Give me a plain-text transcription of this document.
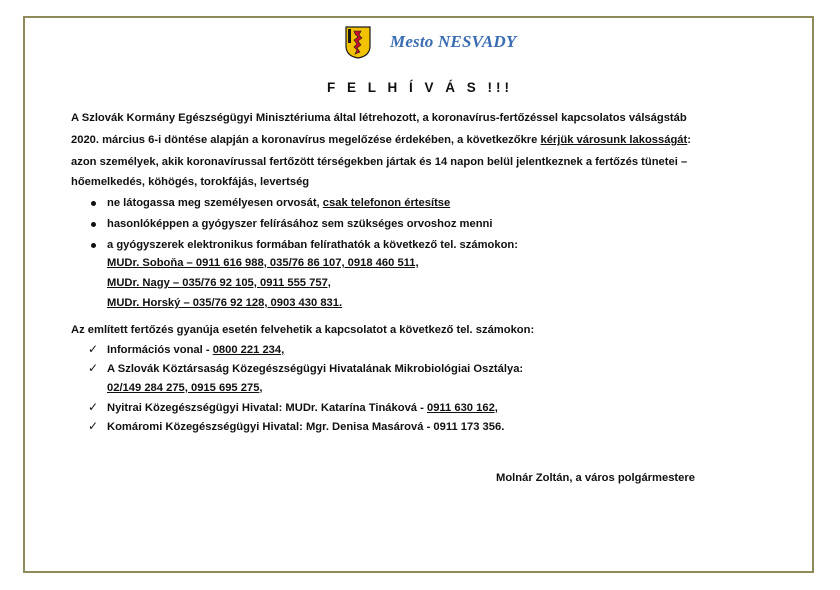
Mesto NESVADY
F E L H Í V Á S !!!
A Szlovák Kormány Egészségügyi Minisztériuma által létrehozott, a koronavírus-fertőzéssel kapcsolatos válságstáb
2020. március 6-i döntése alapján a koronavírus megelőzése érdekében, a következőkre kérjük városunk lakosságát:
azon személyek, akik koronavírussal fertőzött térségekben jártak és 14 napon belül jelentkeznek a fertőzés tünetei –
hőemelkedés, köhögés, torokfájás, levertség
ne látogassa meg személyesen orvosát, csak telefonon értesítse
hasonlóképpen a gyógyszer felírásához sem szükséges orvoshoz menni
a gyógyszerek elektronikus formában felírathatók a következő tel. számokon:
MUDr. Soboňa – 0911 616 988, 035/76 86 107, 0918 460 511,
MUDr. Nagy – 035/76 92 105, 0911 555 757,
MUDr. Horský – 035/76 92 128, 0903 430 831.
Az említett fertőzés gyanúja esetén felvehetik a kapcsolatot a következő tel. számokon:
✓ Információs vonal - 0800 221 234,
✓ A Szlovák Köztársaság Közegészségügyi Hivatalának Mikrobiológiai Osztálya:
02/149 284 275, 0915 695 275,
✓ Nyitrai Közegészségügyi Hivatal: MUDr. Katarína Tináková - 0911 630 162,
✓ Komáromi Közegészségügyi Hivatal: Mgr. Denisa Masárová - 0911 173 356.
Molnár Zoltán, a város polgármestere
